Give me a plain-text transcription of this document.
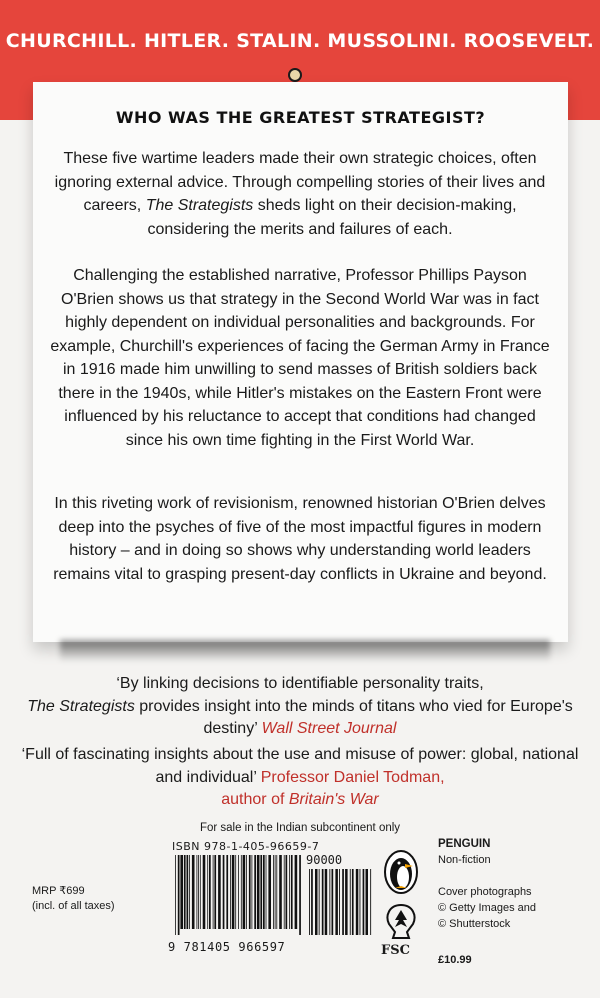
CHURCHILL. HITLER. STALIN. MUSSOLINI. ROOSEVELT.
WHO WAS THE GREATEST STRATEGIST?
These five wartime leaders made their own strategic choices, often ignoring external advice. Through compelling stories of their lives and careers, The Strategists sheds light on their decision-making, considering the merits and failures of each.
Challenging the established narrative, Professor Phillips Payson O'Brien shows us that strategy in the Second World War was in fact highly dependent on individual personalities and backgrounds. For example, Churchill's experiences of facing the German Army in France in 1916 made him unwilling to send masses of British soldiers back there in the 1940s, while Hitler's mistakes on the Eastern Front were influenced by his reluctance to accept that conditions had changed since his own time fighting in the First World War.
In this riveting work of revisionism, renowned historian O'Brien delves deep into the psyches of five of the most impactful figures in modern history – and in doing so shows why understanding world leaders remains vital to grasping present-day conflicts in Ukraine and beyond.
‘By linking decisions to identifiable personality traits,
The Strategists provides insight into the minds of titans who vied for Europe's destiny’ Wall Street Journal
‘Full of fascinating insights about the use and misuse of power: global, national and individual’ Professor Daniel Todman,
author of Britain's War
For sale in the Indian subcontinent only
ISBN 978-1-405-96659-7
90000
9 781405 966597
MRP ₹699
(incl. of all taxes)
FSC
PENGUIN
Non-fiction
Cover photographs
© Getty Images and
© Shutterstock
£10.99
